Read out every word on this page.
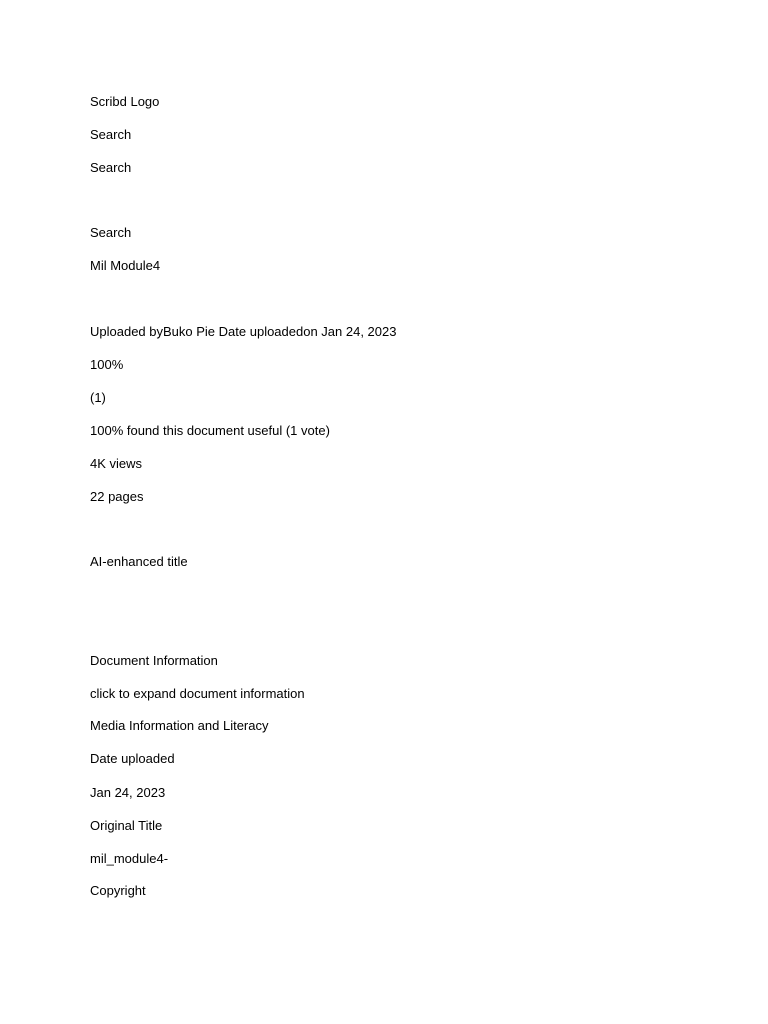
Scribd Logo
Search
Search
Search
Mil Module4
Uploaded byBuko Pie Date uploadedon Jan 24, 2023
100%
(1)
100% found this document useful (1 vote)
4K views
22 pages
AI-enhanced title
Document Information
click to expand document information
Media Information and Literacy
Date uploaded
Jan 24, 2023
Original Title
mil_module4-
Copyright
